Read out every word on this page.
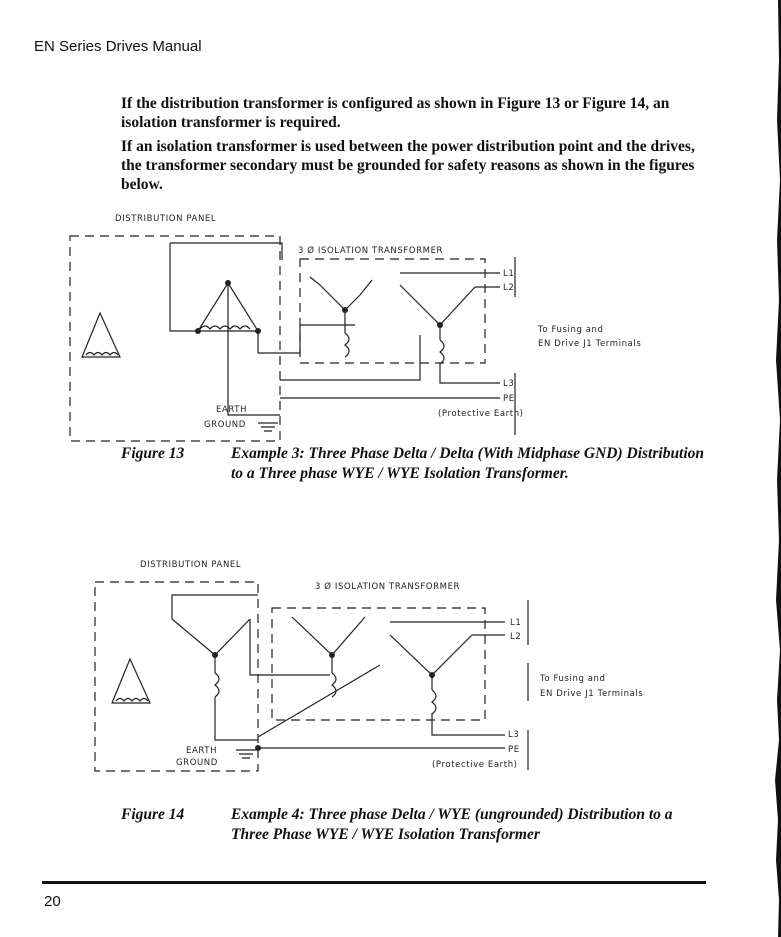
EN Series Drives Manual
If the distribution transformer is configured as shown in Figure 13 or Figure 14, an isolation transformer is required.
If an isolation transformer is used between the power distribution point and the drives, the transformer secondary must be grounded for safety reasons as shown in the figures below.
DISTRIBUTION PANEL
3 Ø ISOLATION TRANSFORMER
L1
L2
To Fusing and
EN Drive J1 Terminals
L3
PE
(Protective Earth)
EARTH
GROUND
Figure 13	Example 3: Three Phase Delta / Delta (With Midphase GND) Distribution to a Three phase WYE / WYE Isolation Transformer.
DISTRIBUTION PANEL
3 Ø ISOLATION TRANSFORMER
L1
L2
To Fusing and
EN Drive J1 Terminals
L3
PE
(Protective Earth)
EARTH
GROUND
Figure 14	Example 4: Three phase Delta / WYE (ungrounded) Distribution to a Three Phase WYE / WYE Isolation Transformer
20
